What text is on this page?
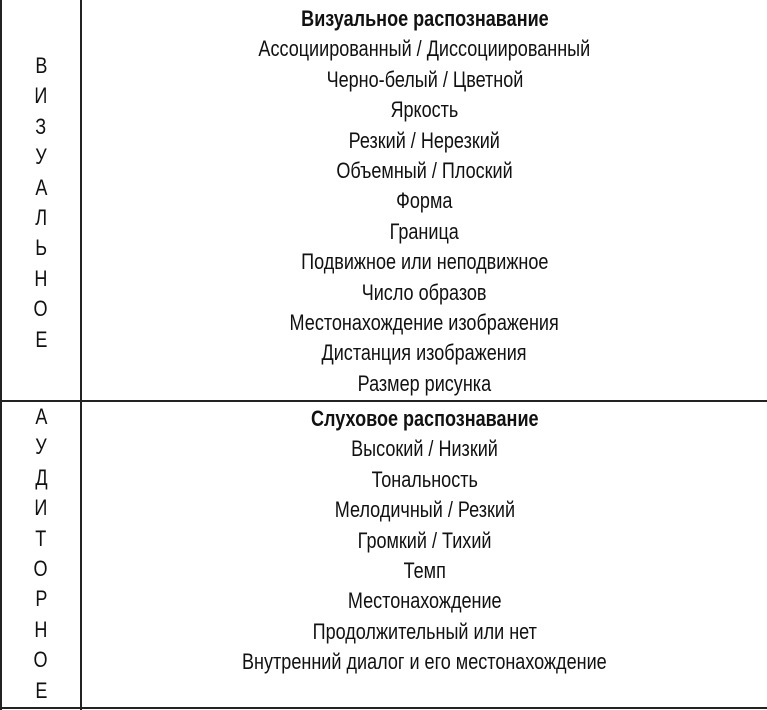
В
И
З
У
А
Л
Ь
Н
О
Е
Визуальное распознавание
Ассоциированный / Диссоциированный
Черно-белый / Цветной
Яркость
Резкий / Нерезкий
Объемный / Плоский
Форма
Граница
Подвижное или неподвижное
Число образов
Местонахождение изображения
Дистанция изображения
Размер рисунка
А
У
Д
И
Т
О
Р
Н
О
Е
Слуховое распознавание
Высокий / Низкий
Тональность
Мелодичный / Резкий
Громкий / Тихий
Темп
Местонахождение
Продолжительный или нет
Внутренний диалог и его местонахождение
